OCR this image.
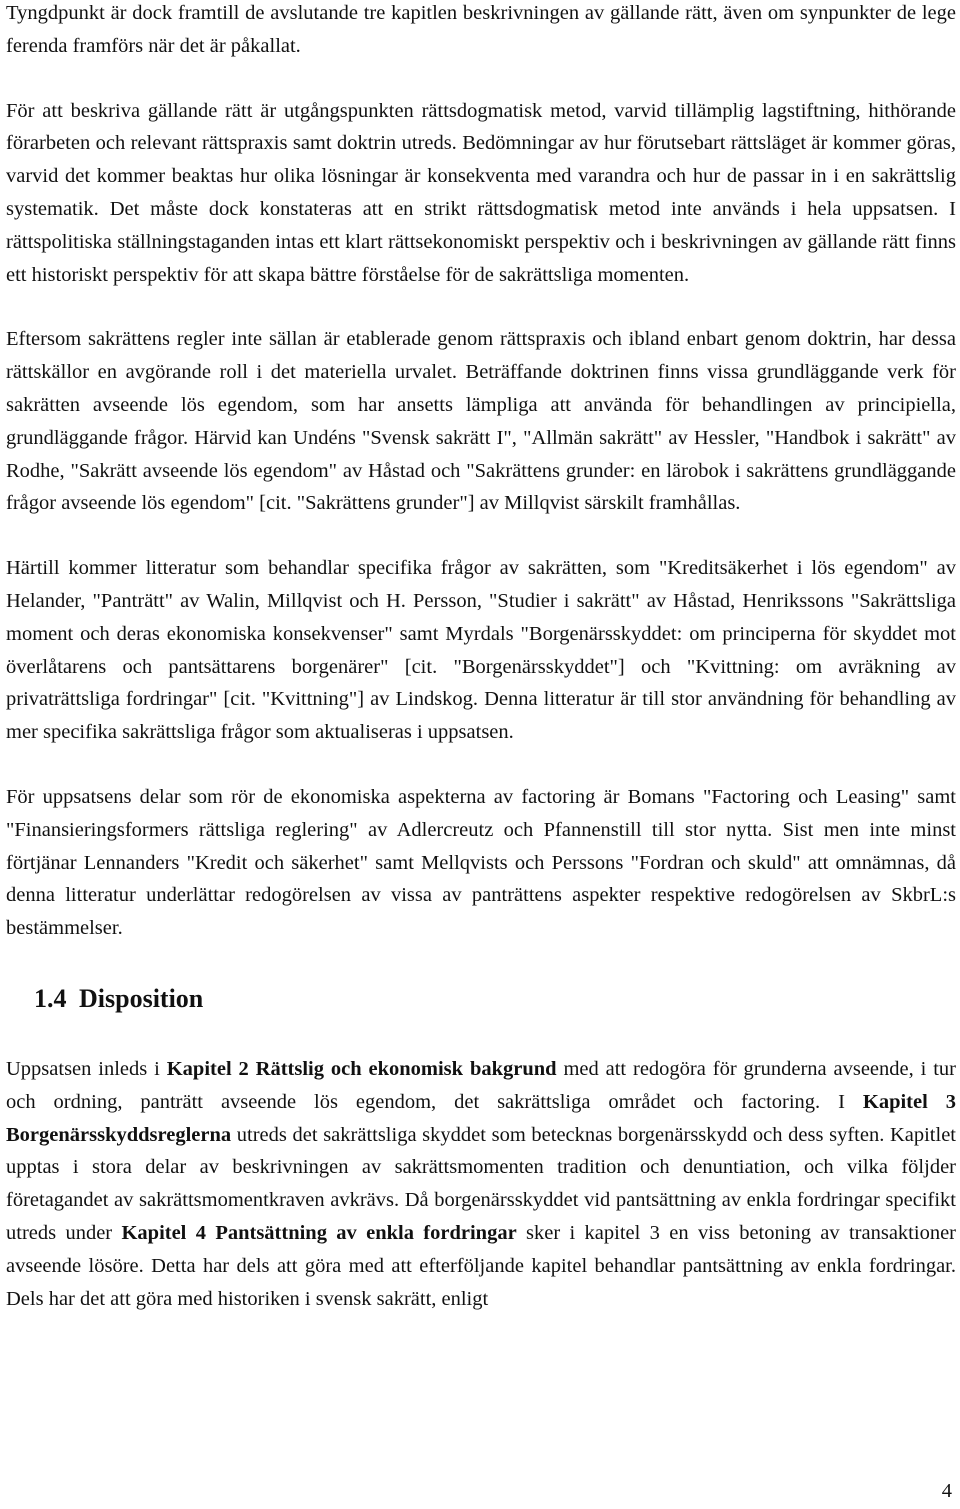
Tyngdpunkt är dock framtill de avslutande tre kapitlen beskrivningen av gällande rätt, även om synpunkter de lege ferenda framförs när det är påkallat.

För att beskriva gällande rätt är utgångspunkten rättsdogmatisk metod, varvid tillämplig lagstiftning, hithörande förarbeten och relevant rättspraxis samt doktrin utreds. Bedömningar av hur förutsebart rättsläget är kommer göras, varvid det kommer beaktas hur olika lösningar är konsekventa med varandra och hur de passar in i en sakrättslig systematik. Det måste dock konstateras att en strikt rättsdogmatisk metod inte används i hela uppsatsen. I rättspolitiska ställningstaganden intas ett klart rättsekonomiskt perspektiv och i beskrivningen av gällande rätt finns ett historiskt perspektiv för att skapa bättre förståelse för de sakrättsliga momenten.

Eftersom sakrättens regler inte sällan är etablerade genom rättspraxis och ibland enbart genom doktrin, har dessa rättskällor en avgörande roll i det materiella urvalet. Beträffande doktrinen finns vissa grundläggande verk för sakrätten avseende lös egendom, som har ansetts lämpliga att använda för behandlingen av principiella, grundläggande frågor. Härvid kan Undéns "Svensk sakrätt I", "Allmän sakrätt" av Hessler, "Handbok i sakrätt" av Rodhe, "Sakrätt avseende lös egendom" av Håstad och "Sakrättens grunder: en lärobok i sakrättens grundläggande frågor avseende lös egendom" [cit. "Sakrättens grunder"] av Millqvist särskilt framhållas.

Härtill kommer litteratur som behandlar specifika frågor av sakrätten, som "Kreditsäkerhet i lös egendom" av Helander, "Panträtt" av Walin, Millqvist och H. Persson, "Studier i sakrätt" av Håstad, Henrikssons "Sakrättsliga moment och deras ekonomiska konsekvenser" samt Myrdals "Borgenärsskyddet: om principerna för skyddet mot överlåtarens och pantsättarens borgenärer" [cit. "Borgenärsskyddet"] och "Kvittning: om avräkning av privaträttsliga fordringar" [cit. "Kvittning"] av Lindskog. Denna litteratur är till stor användning för behandling av mer specifika sakrättsliga frågor som aktualiseras i uppsatsen.

För uppsatsens delar som rör de ekonomiska aspekterna av factoring är Bomans "Factoring och Leasing" samt "Finansieringsformers rättsliga reglering" av Adlercreutz och Pfannenstill till stor nytta. Sist men inte minst förtjänar Lennanders "Kredit och säkerhet" samt Mellqvists och Perssons "Fordran och skuld" att omnämnas, då denna litteratur underlättar redogörelsen av vissa av panträttens aspekter respektive redogörelsen av SkbrL:s bestämmelser.

1.4 Disposition

Uppsatsen inleds i Kapitel 2 Rättslig och ekonomisk bakgrund med att redogöra för grunderna avseende, i tur och ordning, panträtt avseende lös egendom, det sakrättsliga området och factoring. I Kapitel 3 Borgenärsskyddsreglerna utreds det sakrättsliga skyddet som betecknas borgenärsskydd och dess syften. Kapitlet upptas i stora delar av beskrivningen av sakrättsmomenten tradition och denuntiation, och vilka följder företagandet av sakrättsmomentkraven avkrävs. Då borgenärsskyddet vid pantsättning av enkla fordringar specifikt utreds under Kapitel 4 Pantsättning av enkla fordringar sker i kapitel 3 en viss betoning av transaktioner avseende lösöre. Detta har dels att göra med att efterföljande kapitel behandlar pantsättning av enkla fordringar. Dels har det att göra med historiken i svensk sakrätt, enligt

4
